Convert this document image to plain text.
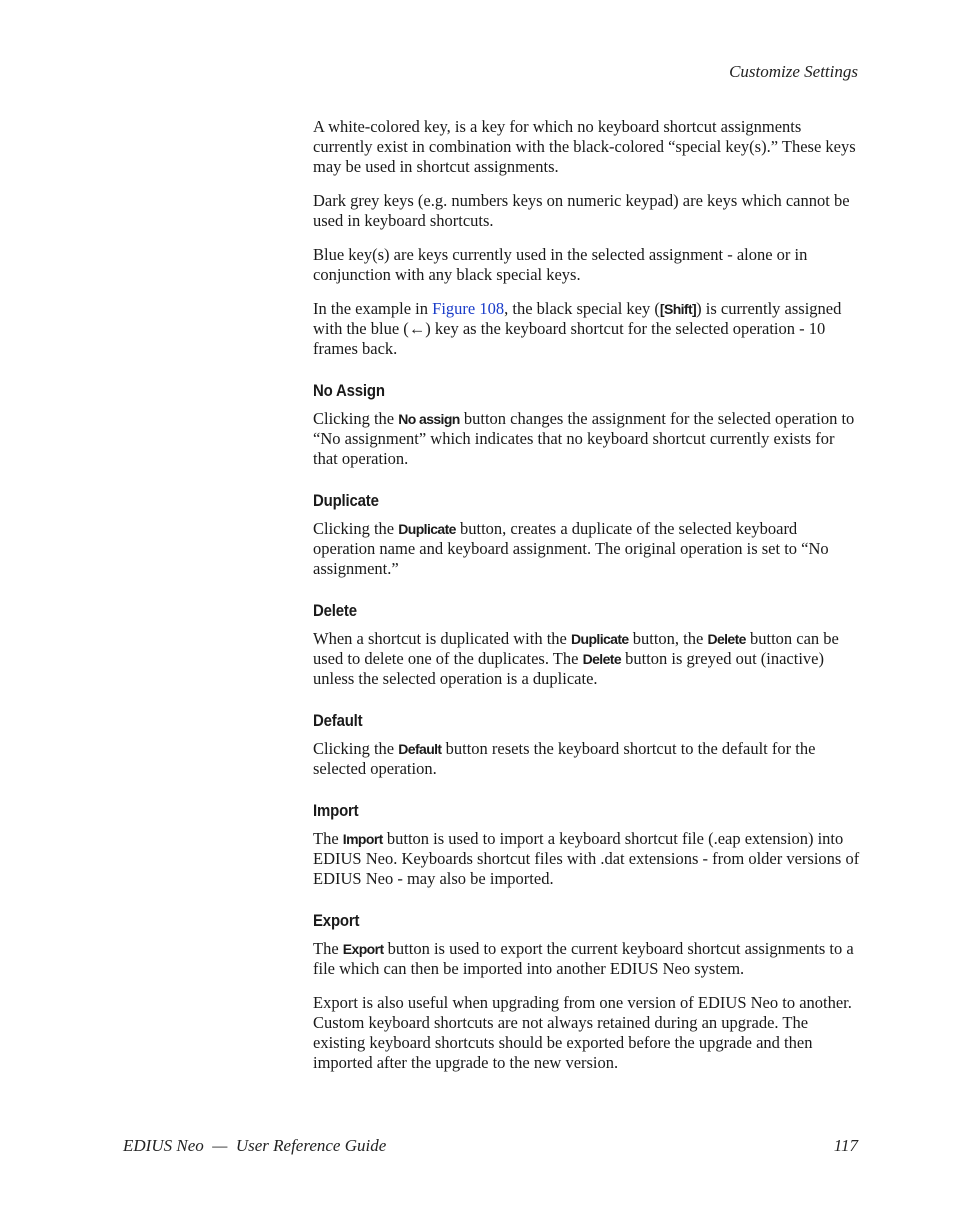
Customize Settings

A white-colored key, is a key for which no keyboard shortcut assignments currently exist in combination with the black-colored “special key(s).” These keys may be used in shortcut assignments.

Dark grey keys (e.g. numbers keys on numeric keypad) are keys which cannot be used in keyboard shortcuts.

Blue key(s) are keys currently used in the selected assignment - alone or in conjunction with any black special keys.

In the example in Figure 108, the black special key ([Shift]) is currently assigned with the blue (←) key as the keyboard shortcut for the selected operation - 10 frames back.

No Assign

Clicking the No assign button changes the assignment for the selected operation to “No assignment” which indicates that no keyboard shortcut currently exists for that operation.

Duplicate

Clicking the Duplicate button, creates a duplicate of the selected keyboard operation name and keyboard assignment. The original operation is set to “No assignment.”

Delete

When a shortcut is duplicated with the Duplicate button, the Delete button can be used to delete one of the duplicates. The Delete button is greyed out (inactive) unless the selected operation is a duplicate.

Default

Clicking the Default button resets the keyboard shortcut to the default for the selected operation.

Import

The Import button is used to import a keyboard shortcut file (.eap extension) into EDIUS Neo. Keyboards shortcut files with .dat extensions - from older versions of EDIUS Neo - may also be imported.

Export

The Export button is used to export the current keyboard shortcut assignments to a file which can then be imported into another EDIUS Neo system.

Export is also useful when upgrading from one version of EDIUS Neo to another. Custom keyboard shortcuts are not always retained during an upgrade. The existing keyboard shortcuts should be exported before the upgrade and then imported after the upgrade to the new version.

EDIUS Neo  —  User Reference Guide	117
